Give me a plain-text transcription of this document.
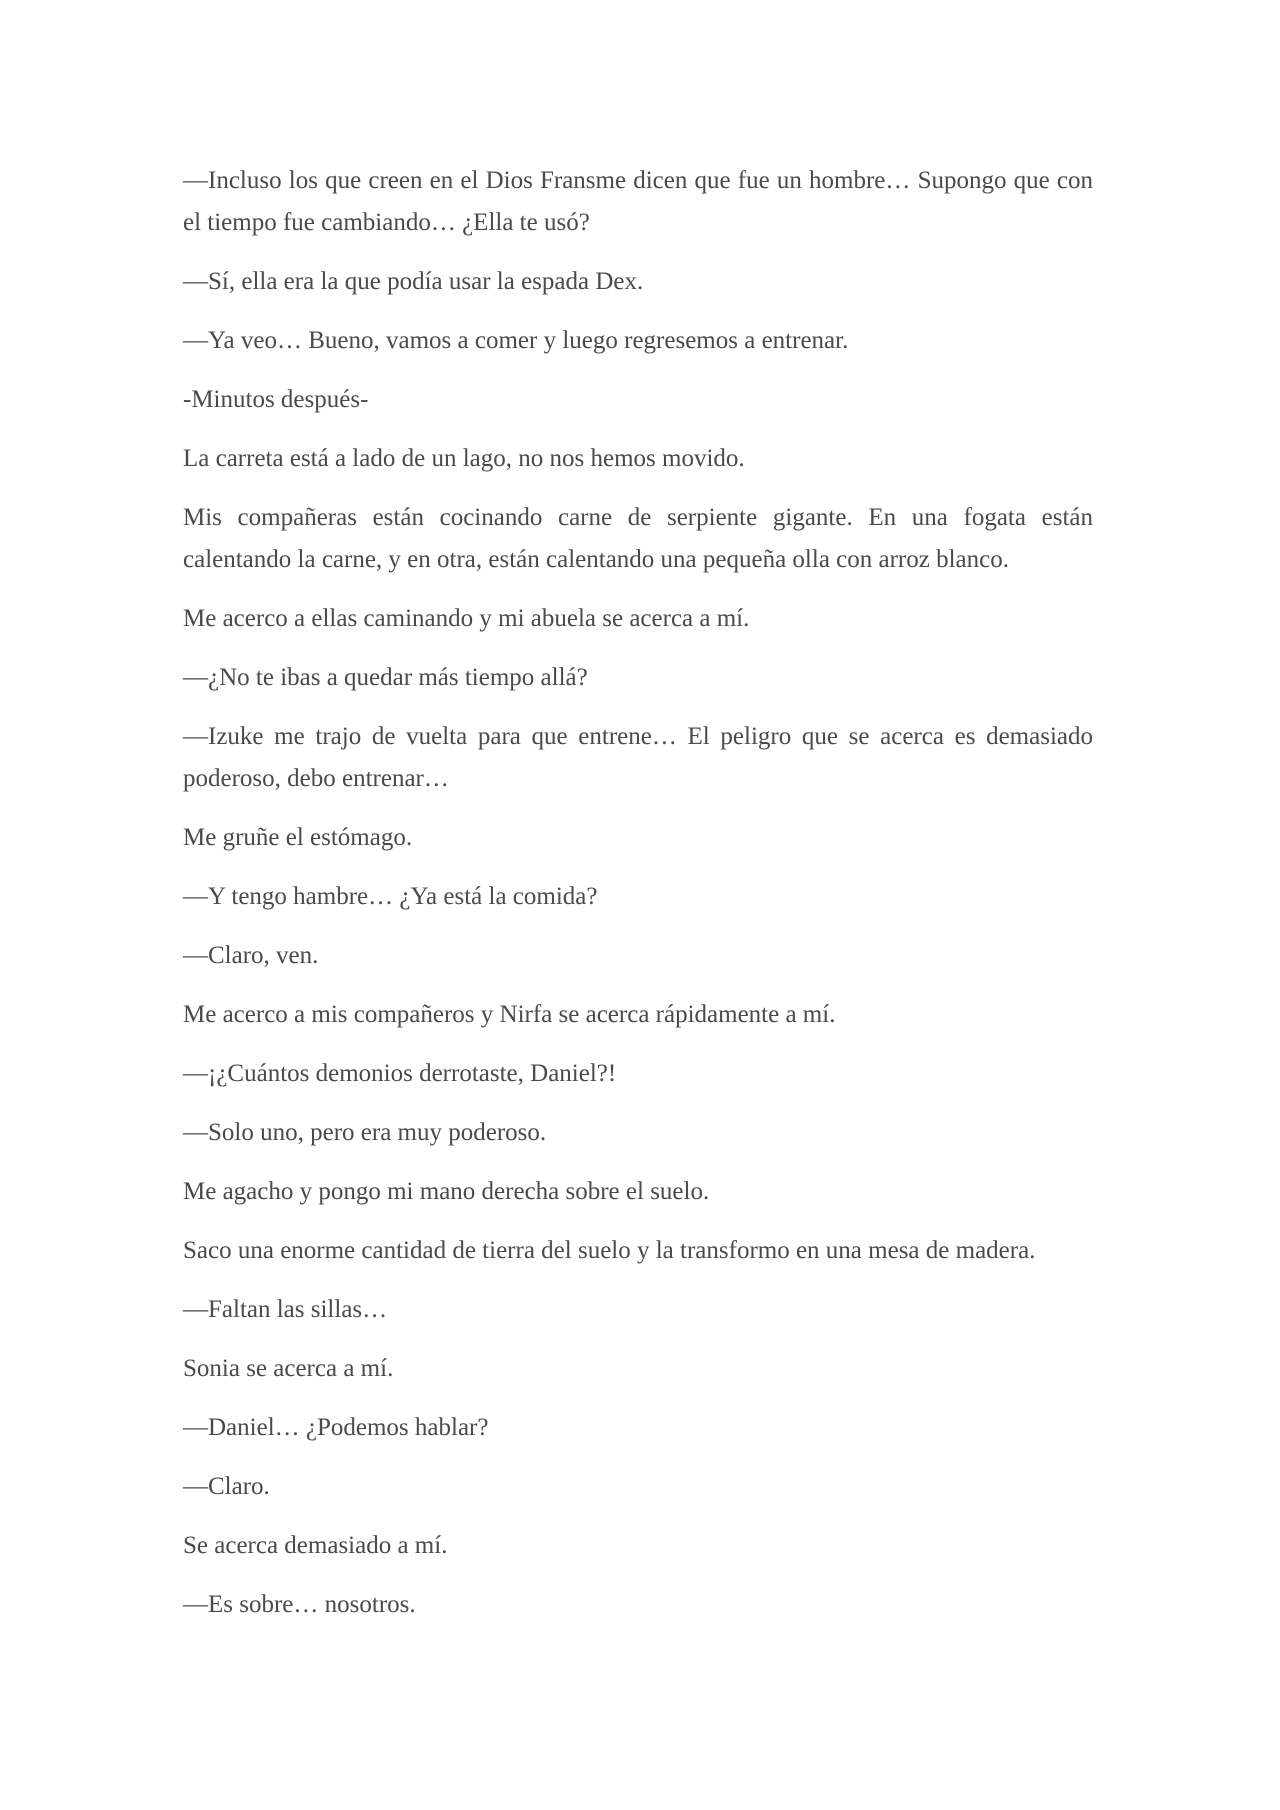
—Incluso los que creen en el Dios Fransme dicen que fue un hombre… Supongo que con el tiempo fue cambiando… ¿Ella te usó?

—Sí, ella era la que podía usar la espada Dex.

—Ya veo… Bueno, vamos a comer y luego regresemos a entrenar.

-Minutos después-

La carreta está a lado de un lago, no nos hemos movido.

Mis compañeras están cocinando carne de serpiente gigante. En una fogata están calentando la carne, y en otra, están calentando una pequeña olla con arroz blanco.

Me acerco a ellas caminando y mi abuela se acerca a mí.

—¿No te ibas a quedar más tiempo allá?

—Izuke me trajo de vuelta para que entrene… El peligro que se acerca es demasiado poderoso, debo entrenar…

Me gruñe el estómago.

—Y tengo hambre… ¿Ya está la comida?

—Claro, ven.

Me acerco a mis compañeros y Nirfa se acerca rápidamente a mí.

—¡¿Cuántos demonios derrotaste, Daniel?!

—Solo uno, pero era muy poderoso.

Me agacho y pongo mi mano derecha sobre el suelo.

Saco una enorme cantidad de tierra del suelo y la transformo en una mesa de madera.

—Faltan las sillas…

Sonia se acerca a mí.

—Daniel… ¿Podemos hablar?

—Claro.

Se acerca demasiado a mí.

—Es sobre… nosotros.
